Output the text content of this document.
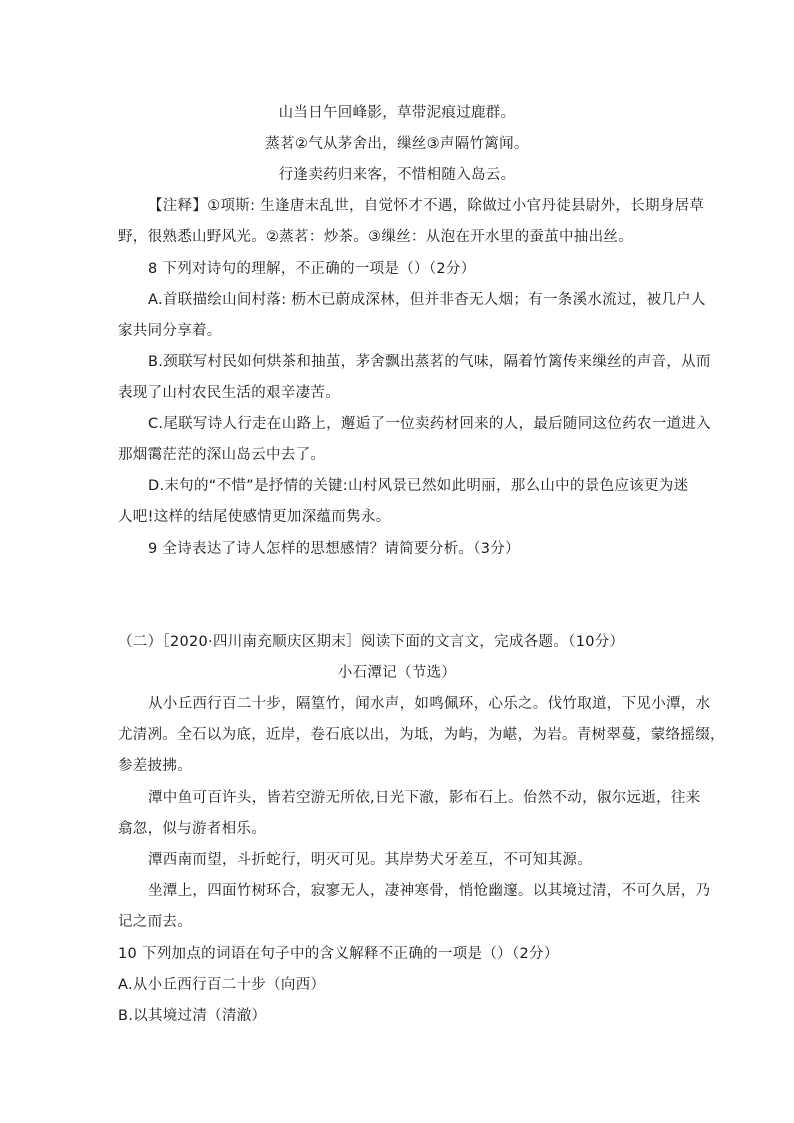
山当日午回峰影，草带泥痕过鹿群。
蒸茗②气从茅舍出，缫丝③声隔竹篱闻。
行逢卖药归来客，不惜相随入岛云。
【注释】①项斯: 生逢唐末乱世，自觉怀才不遇，除做过小官丹徒县尉外，长期身居草
野，很熟悉山野风光。②蒸茗：炒茶。③缫丝：从泡在开水里的蚕茧中抽出丝。
8 下列对诗句的理解，不正确的一项是（）（2分）
A.首联描绘山间村落: 枥木已蔚成深林，但并非杳无人烟；有一条溪水流过，被几户人
家共同分享着。
B.颈联写村民如何烘茶和抽茧，茅舍飘出蒸茗的气味，隔着竹篱传来缫丝的声音，从而
表现了山村农民生活的艰辛凄苦。
C.尾联写诗人行走在山路上，邂逅了一位卖药材回来的人，最后随同这位药农一道进入
那烟霭茫茫的深山岛云中去了。
D.末句的“不惜”是抒情的关键:山村风景已然如此明丽，那么山中的景色应该更为迷
人吧!这样的结尾使感情更加深蕴而隽永。
9 全诗表达了诗人怎样的思想感情？请简要分析。（3分）
（二）［2020·四川南充顺庆区期末］阅读下面的文言文，完成各题。（10分）
小石潭记（节选）
从小丘西行百二十步，隔篁竹，闻水声，如鸣佩环，心乐之。伐竹取道，下见小潭，水
尤清冽。全石以为底，近岸，卷石底以出，为坻，为屿，为嵁，为岩。青树翠蔓，蒙络摇缀，
参差披拂。
潭中鱼可百许头，皆若空游无所依,日光下澈，影布石上。佁然不动，俶尔远逝，往来
翕忽，似与游者相乐。
潭西南而望，斗折蛇行，明灭可见。其岸势犬牙差互，不可知其源。
坐潭上，四面竹树环合，寂寥无人，凄神寒骨，悄怆幽邃。以其境过清，不可久居，乃
记之而去。
10 下列加点的词语在句子中的含义解释不正确的一项是（）（2分）
A.从小丘西行百二十步（向西）
B.以其境过清（清澈）
